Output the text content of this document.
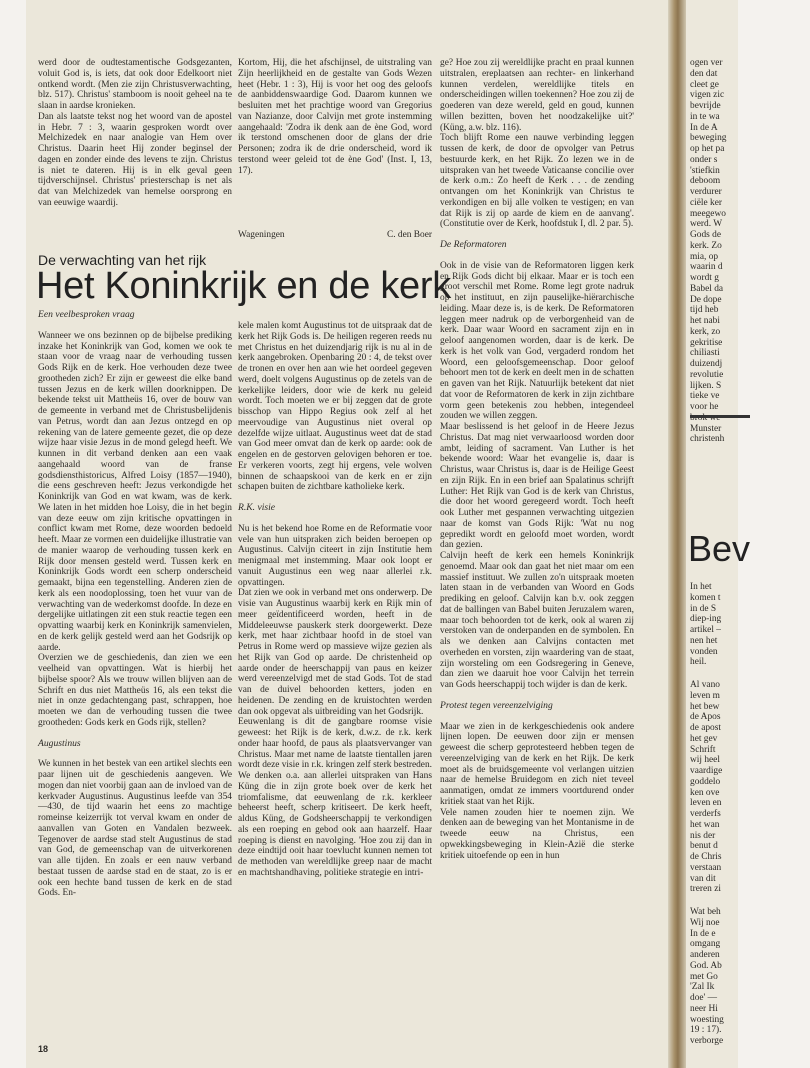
werd door de oudtestamentische Godsgezanten, voluit God is, is iets, dat ook door Edelkoort niet ontkend wordt. (Men zie zijn Christusverwachting, blz. 517). Christus' stamboom is nooit geheel na te slaan in aardse kronieken.

Dan als laatste tekst nog het woord van de apostel in Hebr. 7 : 3, waarin gesproken wordt over Melchizedek en naar analogie van Hem over Christus. Daarin heet Hij zonder beginsel der dagen en zonder einde des levens te zijn. Christus is niet te dateren. Hij is in elk geval geen tijdverschijnsel. Christus' priesterschap is net als dat van Melchizedek van hemelse oorsprong en van eeuwige waardij.

Kortom, Hij, die het afschijnsel, de uitstraling van Zijn heerlijkheid en de gestalte van Gods Wezen heet (Hebr. 1 : 3), Hij is voor het oog des geloofs de aanbiddenswaardige God. Daarom kunnen we besluiten met het prachtige woord van Gregorius van Nazianze, door Calvijn met grote instemming aangehaald: 'Zodra ik denk aan de ène God, word ik terstond omschenen door de glans der drie Personen; zodra ik de drie onderscheid, word ik terstond weer geleid tot de ène God' (Inst. I, 13, 17).

Wageningen	C. den Boer
De verwachting van het rijk
Het Koninkrijk en de kerk
Een veelbesproken vraag

Wanneer we ons bezinnen op de bijbelse prediking inzake het Koninkrijk van God, komen we ook te staan voor de vraag naar de verhouding tussen Gods Rijk en de kerk. Hoe verhouden deze twee grootheden zich? Er zijn er geweest die elke band tussen Jezus en de kerk willen doorknippen. De bekende tekst uit Mattheüs 16, over de bouw van de gemeente in verband met de Christusbelijdenis van Petrus, wordt dan aan Jezus ontzegd en op rekening van de latere gemeente gezet, die op deze wijze haar visie Jezus in de mond gelegd heeft. We kunnen in dit verband denken aan een vaak aangehaald woord van de franse godsdiensthistoricus, Alfred Loisy (1857—1940), die eens geschreven heeft: Jezus verkondigde het Koninkrijk van God en wat kwam, was de kerk. We laten in het midden hoe Loisy, die in het begin van deze eeuw om zijn kritische opvattingen in conflict kwam met Rome, deze woorden bedoeld heeft. Maar ze vormen een duidelijke illustratie van de manier waarop de verhouding tussen kerk en Rijk door mensen gesteld werd. Tussen kerk en Koninkrijk Gods wordt een scherp onderscheid gemaakt, bijna een tegenstelling. Anderen zien de kerk als een noodoplossing, toen het vuur van de verwachting van de wederkomst doofde. In deze en dergelijke uitlatingen zit een stuk reactie tegen een opvatting waarbij kerk en Koninkrijk samenvielen, en de kerk gelijk gesteld werd aan het Godsrijk op aarde.

Overzien we de geschiedenis, dan zien we een veelheid van opvattingen. Wat is hierbij het bijbelse spoor? Als we trouw willen blijven aan de Schrift en dus niet Mattheüs 16, als een tekst die niet in onze gedachtengang past, schrappen, hoe moeten we dan de verhouding tussen die twee grootheden: Gods kerk en Gods rijk, stellen?

Augustinus

We kunnen in het bestek van een artikel slechts een paar lijnen uit de geschiedenis aangeven. We mogen dan niet voorbij gaan aan de invloed van de kerkvader Augustinus. Augustinus leefde van 354—430, de tijd waarin het eens zo machtige romeinse keizerrijk tot verval kwam en onder de aanvallen van Goten en Vandalen bezweek. Tegenover de aardse stad stelt Augustinus de stad van God, de gemeenschap van de uitverkorenen van alle tijden. En zoals er een nauw verband bestaat tussen de aardse stad en de staat, zo is er ook een hechte band tussen de kerk en de stad Gods. En-

kele malen komt Augustinus tot de uitspraak dat de kerk het Rijk Gods is. De heiligen regeren reeds nu met Christus en het duizendjarig rijk is nu al in de kerk aangebroken. Openbaring 20 : 4, de tekst over de tronen en over hen aan wie het oordeel gegeven werd, doelt volgens Augustinus op de zetels van de kerkelijke leiders, door wie de kerk nu geleid wordt. Toch moeten we er bij zeggen dat de grote bisschop van Hippo Regius ook zelf al het meervoudige van Augustinus niet overal op dezelfde wijze uitlaat. Augustinus weet dat de stad van God meer omvat dan de kerk op aarde: ook de engelen en de gestorven gelovigen behoren er toe. Er verkeren voorts, zegt hij ergens, vele wolven binnen de schaapskooi van de kerk en er zijn schapen buiten de zichtbare katholieke kerk.

R.K. visie

Nu is het bekend hoe Rome en de Reformatie voor vele van hun uitspraken zich beiden beroepen op Augustinus. Calvijn citeert in zijn Institutie hem menigmaal met instemming. Maar ook loopt er vanuit Augustinus een weg naar allerlei r.k. opvattingen.

Dat zien we ook in verband met ons onderwerp. De visie van Augustinus waarbij kerk en Rijk min of meer geïdentificeerd worden, heeft in de Middeleeuwse pauskerk sterk doorgewerkt. Deze kerk, met haar zichtbaar hoofd in de stoel van Petrus in Rome werd op massieve wijze gezien als het Rijk van God op aarde. De christenheid op aarde onder de heerschappij van paus en keizer werd vereenzelvigd met de stad Gods. Tot de stad van de duivel behoorden ketters, joden en heidenen. De zending en de kruistochten werden dan ook opgevat als uitbreiding van het Godsrijk.

Eeuwenlang is dit de gangbare roomse visie geweest: het Rijk is de kerk, d.w.z. de r.k. kerk onder haar hoofd, de paus als plaatsvervanger van Christus. Maar met name de laatste tientallen jaren wordt deze visie in r.k. kringen zelf sterk bestreden. We denken o.a. aan allerlei uitspraken van Hans Küng die in zijn grote boek over de kerk het triomfalisme, dat eeuwenlang de r.k. kerkleer beheerst heeft, scherp kritiseert. De kerk heeft, aldus Küng, de Godsheerschappij te verkondigen als een roeping en gebod ook aan haarzelf. Haar roeping is dienst en navolging. 'Hoe zou zij dan in deze eindtijd ooit haar toevlucht kunnen nemen tot de methoden van wereldlijke greep naar de macht en machtshandhaving, politieke strategie en intri-

ge? Hoe zou zij wereldlijke pracht en praal kunnen uitstralen, ereplaatsen aan rechter- en linkerhand kunnen verdelen, wereldlijke titels en onderscheidingen willen toekennen? Hoe zou zij de goederen van deze wereld, geld en goud, kunnen willen bezitten, boven het noodzakelijke uit?' (Küng, a.w. blz. 116).

Toch blijft Rome een nauwe verbinding leggen tussen de kerk, de door de opvolger van Petrus bestuurde kerk, en het Rijk. Zo lezen we in de uitspraken van het tweede Vaticaanse concilie over de kerk o.m.: Zo heeft de Kerk . . . de zending ontvangen om het Koninkrijk van Christus te verkondigen en bij alle volken te vestigen; en van dat Rijk is zij op aarde de kiem en de aanvang'. (Constitutie over de Kerk, hoofdstuk I, dl. 2 par. 5).

De Reformatoren

Ook in de visie van de Reformatoren liggen kerk en Rijk Gods dicht bij elkaar. Maar er is toch een groot verschil met Rome. Rome legt grote nadruk op het instituut, en zijn pauselijke-hiërarchische leiding. Maar deze is, is de kerk. De Reformatoren leggen meer nadruk op de verborgenheid van de kerk. Daar waar Woord en sacrament zijn en in geloof aangenomen worden, daar is de kerk. De kerk is het volk van God, vergaderd rondom het Woord, een geloofsgemeenschap. Door geloof behoort men tot de kerk en deelt men in de schatten en gaven van het Rijk. Natuurlijk betekent dat niet dat voor de Reformatoren de kerk in zijn zichtbare vorm geen betekenis zou hebben, integendeel zouden we willen zeggen.

Maar beslissend is het geloof in de Heere Jezus Christus. Dat mag niet verwaarloosd worden door ambt, leiding of sacrament. Van Luther is het bekende woord: Waar het evangelie is, daar is Christus, waar Christus is, daar is de Heilige Geest en zijn Rijk. En in een brief aan Spalatinus schrijft Luther: Het Rijk van God is de kerk van Christus, die door het woord geregeerd wordt. Toch heeft ook Luther met gespannen verwachting uitgezien naar de komst van Gods Rijk: 'Wat nu nog gepredikt wordt en geloofd moet worden, wordt dan gezien.

Calvijn heeft de kerk een hemels Koninkrijk genoemd. Maar ook dan gaat het niet maar om een massief instituut. We zullen zo'n uitspraak moeten laten staan in de verbanden van Woord en Gods prediking en geloof. Calvijn kan b.v. ook zeggen dat de ballingen van Babel buiten Jeruzalem waren, maar toch behoorden tot de kerk, ook al waren zij verstoken van de onderpanden en de symbolen. En als we denken aan Calvijns contacten met overheden en vorsten, zijn waardering van de staat, zijn worsteling om een Godsregering in Geneve, dan zien we daaruit hoe voor Calvijn het terrein van Gods heerschappij toch wijder is dan de kerk.

Protest tegen vereenzelviging

Maar we zien in de kerkgeschiedenis ook andere lijnen lopen. De eeuwen door zijn er mensen geweest die scherp geprotesteerd hebben tegen de vereenzelviging van de kerk en het Rijk. De kerk moet als de bruidsgemeente vol verlangen uitzien naar de hemelse Bruidegom en zich niet teveel aanmatigen, omdat ze immers voortdurend onder kritiek staat van het Rijk.

Vele namen zouden hier te noemen zijn. We denken aan de beweging van het Montanisme in de tweede eeuw na Christus, een opwekkingsbeweging in Klein-Azië die sterke kritiek uitoefende op een in hun

18
ogen ver
den dat
cleet ge
vigen zic
bevrijde
in te wa
In de A
beweging
op het pa
onder s
'stiefkin
deboom
verdurer
ciële ker
meegewo
werd. W
Gods de
kerk. Zo
mia, op
waarin d
wordt g
Babel da
De dope
tijd heb
het nabi
kerk, zo
gekritise
chiliasti
duizendj
revolutie
lijken. S
tieke ve
voor he
Munster
christenh
Bev
In het
komen t
in de S
diep-ing
artikel –
nen het
vonden
heil.
Al vano
leven m
het bew
de Apos
de apost
het gev
Schrift
wij heel
vaardige
goddelo
ken ove
leven en
verderfs
het wan
nis der
benut d
de Chris
verstaan
van dit
treren zi
Wat beh
Wij noe
In de e
omgang
anderen
God. Ab
met Go
'Zal Ik
doe' —
neer Hi
woesting
19 : 17).
verborge
